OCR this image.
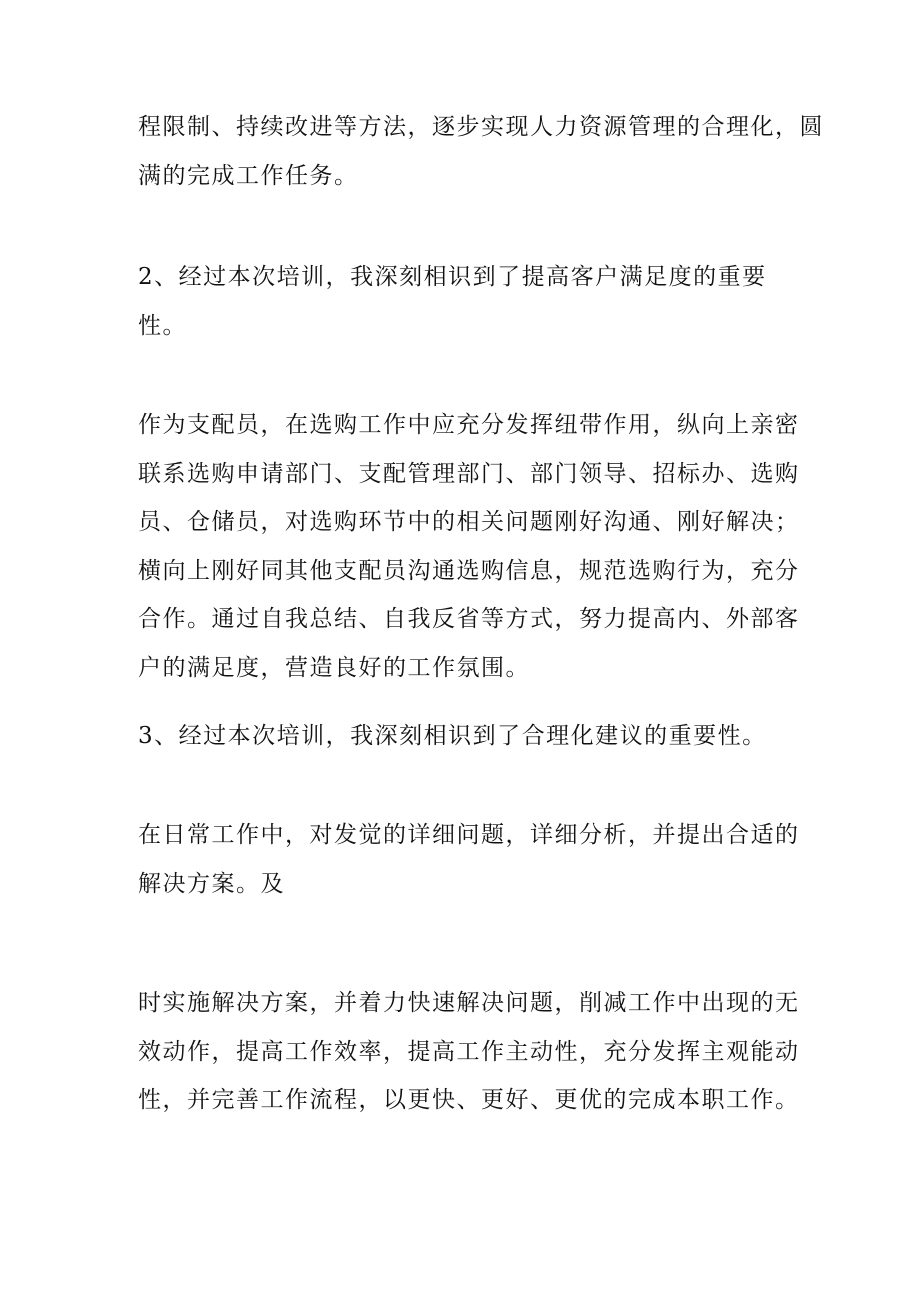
程限制、持续改进等方法，逐步实现人力资源管理的合理化，圆
满的完成工作任务。

2、经过本次培训，我深刻相识到了提高客户满足度的重要
性。

作为支配员，在选购工作中应充分发挥纽带作用，纵向上亲密
联系选购申请部门、支配管理部门、部门领导、招标办、选购
员、仓储员，对选购环节中的相关问题刚好沟通、刚好解决；
横向上刚好同其他支配员沟通选购信息，规范选购行为，充分
合作。通过自我总结、自我反省等方式，努力提高内、外部客
户的满足度，营造良好的工作氛围。

3、经过本次培训，我深刻相识到了合理化建议的重要性。

在日常工作中，对发觉的详细问题，详细分析，并提出合适的
解决方案。及

时实施解决方案，并着力快速解决问题，削减工作中出现的无
效动作，提高工作效率，提高工作主动性，充分发挥主观能动
性，并完善工作流程，以更快、更好、更优的完成本职工作。
